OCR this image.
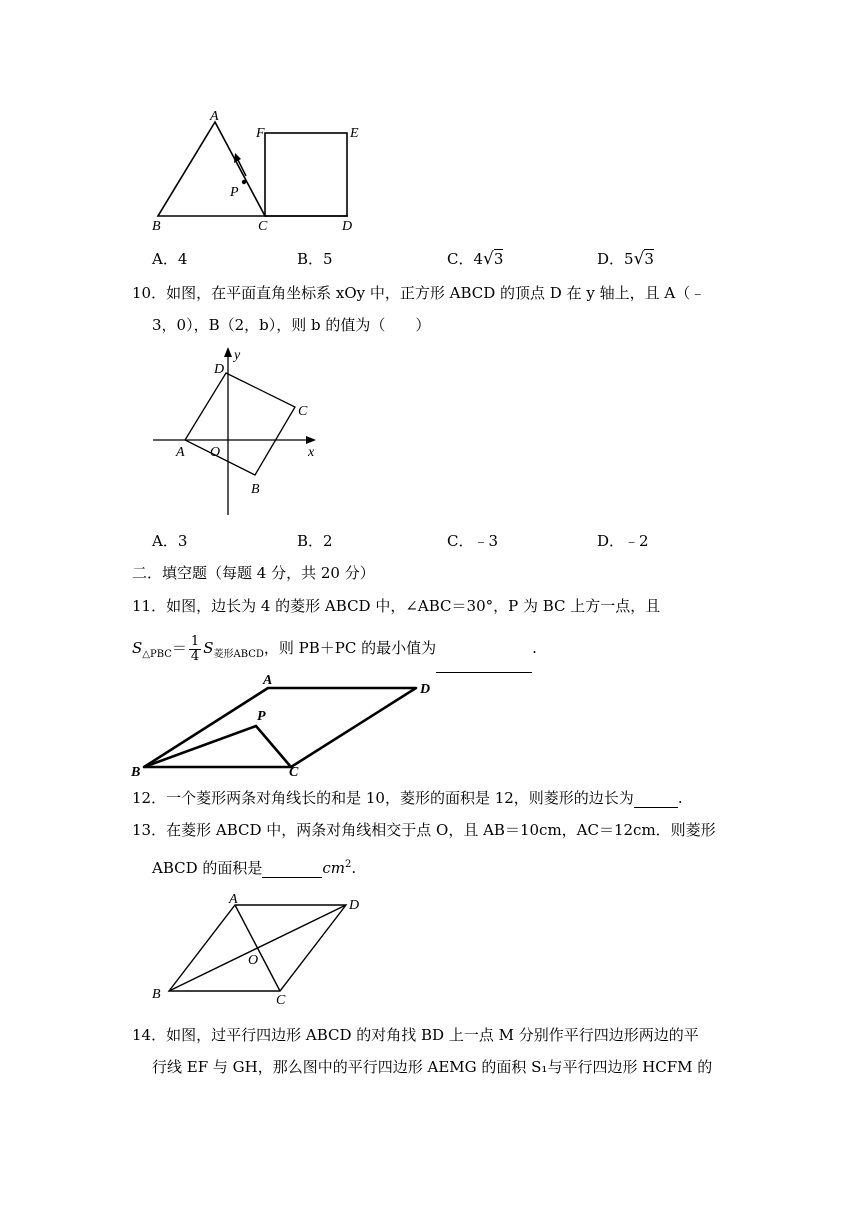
A
B	C	D
E
F
P
A．4	B．5	C．4√3	D．5√3
10．如图，在平面直角坐标系 xOy 中，正方形 ABCD 的顶点 D 在 y 轴上，且 A（﹣
3，0），B（2，b），则 b 的值为（　　）
D
y
C
A O	x
B
A．3	B．2	C．﹣3	D．﹣2
二．填空题（每题 4 分，共 20 分）
11．如图，边长为 4 的菱形 ABCD 中，∠ABC＝30°，P 为 BC 上方一点，且
$S_{\triangle PBC}= \frac{1}{4} S_{菱形ABCD}$，则 PB＋PC 的最小值为	.
A
D
P
B	C
12．一个菱形两条对角线长的和是 10，菱形的面积是 12，则菱形的边长为	.
13．在菱形 ABCD 中，两条对角线相交于点 O，且 AB＝10cm，AC＝12cm．则菱形
ABCD 的面积是	$cm^2$.
A	D
O
B	C
14．如图，过平行四边形 ABCD 的对角找 BD 上一点 M 分别作平行四边形两边的平
行线 EF 与 GH，那么图中的平行四边形 AEMG 的面积 S₁与平行四边形 HCFM 的
